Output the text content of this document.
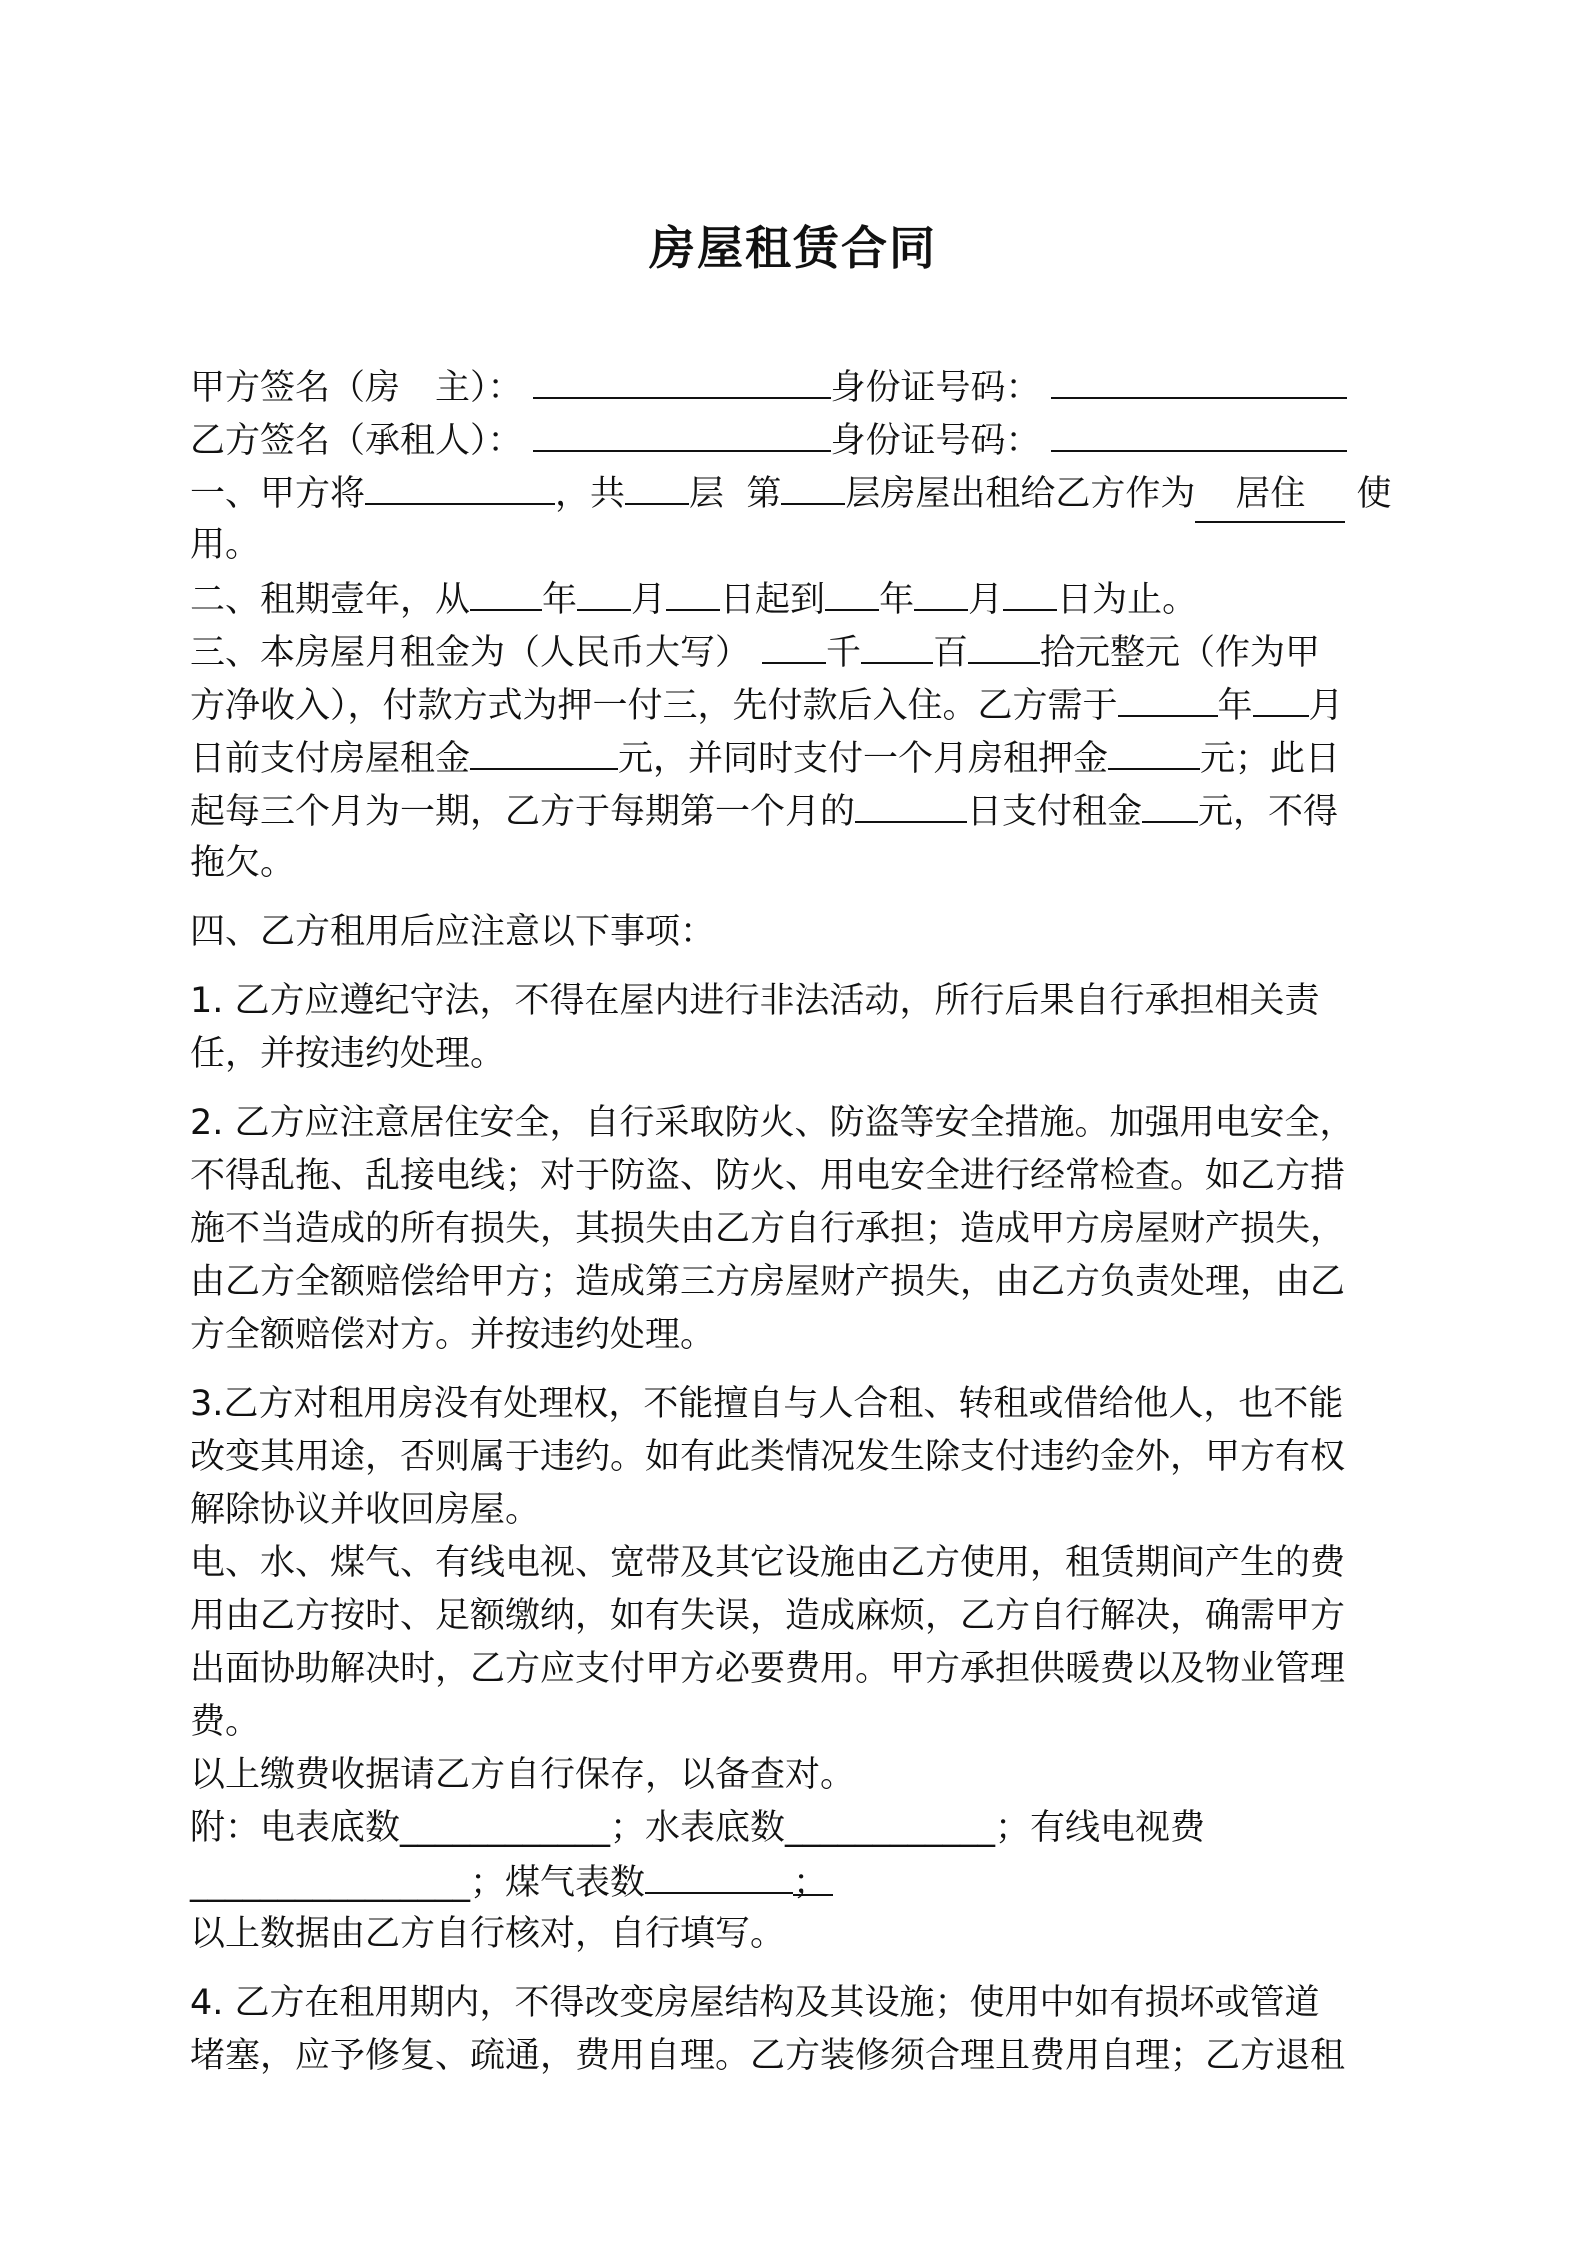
房屋租赁合同
甲方签名（房　主）：	身份证号码：
乙方签名（承租人）：	身份证号码：
一、甲方将	，共 层 第 层房屋出租给乙方作为 居住 使
用。
二、租期壹年，从 年 月 日起到 年 月 日为止。
三、本房屋月租金为（人民币大写） 千 百 拾元整元（作为甲
方净收入），付款方式为押一付三，先付款后入住。乙方需于	年 月
日前支付房屋租金	元，并同时支付一个月房租押金	元；此日
起每三个月为一期，乙方于每期第一个月的	日支付租金 元，不得
拖欠。
四、乙方租用后应注意以下事项：
1. 乙方应遵纪守法，不得在屋内进行非法活动，所行后果自行承担相关责
任，并按违约处理。
2. 乙方应注意居住安全，自行采取防火、防盗等安全措施。加强用电安全，
不得乱拖、乱接电线；对于防盗、防火、用电安全进行经常检查。如乙方措
施不当造成的所有损失，其损失由乙方自行承担；造成甲方房屋财产损失，
由乙方全额赔偿给甲方；造成第三方房屋财产损失，由乙方负责处理，由乙
方全额赔偿对方。并按违约处理。
3.乙方对租用房没有处理权，不能擅自与人合租、转租或借给他人，也不能
改变其用途，否则属于违约。如有此类情况发生除支付违约金外，甲方有权
解除协议并收回房屋。
电、水、煤气、有线电视、宽带及其它设施由乙方使用，租赁期间产生的费
用由乙方按时、足额缴纳，如有失误，造成麻烦，乙方自行解决，确需甲方
出面协助解决时，乙方应支付甲方必要费用。甲方承担供暖费以及物业管理
费。
以上缴费收据请乙方自行保存，以备查对。
附：电表底数____________；水表底数____________；有线电视费
________________；煤气表数	；
以上数据由乙方自行核对，自行填写。
4. 乙方在租用期内，不得改变房屋结构及其设施；使用中如有损坏或管道
堵塞，应予修复、疏通，费用自理。乙方装修须合理且费用自理；乙方退租
